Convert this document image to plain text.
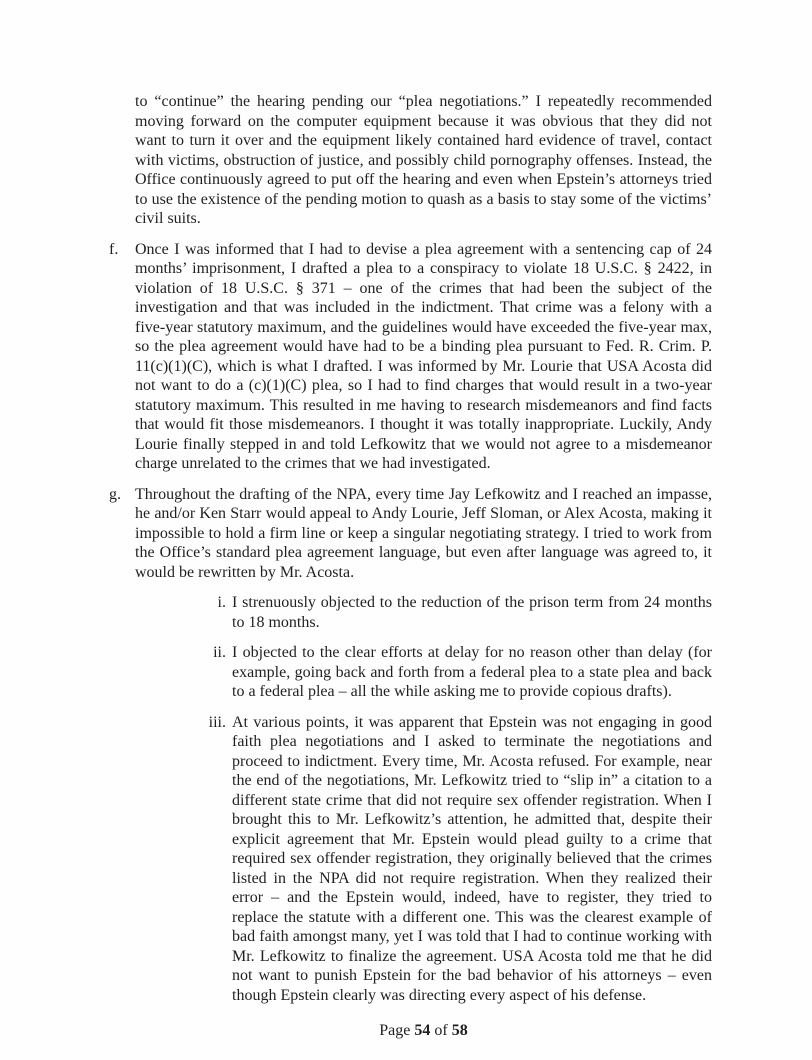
to “continue” the hearing pending our “plea negotiations.” I repeatedly recommended moving forward on the computer equipment because it was obvious that they did not want to turn it over and the equipment likely contained hard evidence of travel, contact with victims, obstruction of justice, and possibly child pornography offenses. Instead, the Office continuously agreed to put off the hearing and even when Epstein’s attorneys tried to use the existence of the pending motion to quash as a basis to stay some of the victims’ civil suits.

f. Once I was informed that I had to devise a plea agreement with a sentencing cap of 24 months’ imprisonment, I drafted a plea to a conspiracy to violate 18 U.S.C. § 2422, in violation of 18 U.S.C. § 371 – one of the crimes that had been the subject of the investigation and that was included in the indictment. That crime was a felony with a five-year statutory maximum, and the guidelines would have exceeded the five-year max, so the plea agreement would have had to be a binding plea pursuant to Fed. R. Crim. P. 11(c)(1)(C), which is what I drafted. I was informed by Mr. Lourie that USA Acosta did not want to do a (c)(1)(C) plea, so I had to find charges that would result in a two-year statutory maximum. This resulted in me having to research misdemeanors and find facts that would fit those misdemeanors. I thought it was totally inappropriate. Luckily, Andy Lourie finally stepped in and told Lefkowitz that we would not agree to a misdemeanor charge unrelated to the crimes that we had investigated.
g. Throughout the drafting of the NPA, every time Jay Lefkowitz and I reached an impasse, he and/or Ken Starr would appeal to Andy Lourie, Jeff Sloman, or Alex Acosta, making it impossible to hold a firm line or keep a singular negotiating strategy. I tried to work from the Office’s standard plea agreement language, but even after language was agreed to, it would be rewritten by Mr. Acosta.
i. I strenuously objected to the reduction of the prison term from 24 months to 18 months.
ii. I objected to the clear efforts at delay for no reason other than delay (for example, going back and forth from a federal plea to a state plea and back to a federal plea – all the while asking me to provide copious drafts).
iii. At various points, it was apparent that Epstein was not engaging in good faith plea negotiations and I asked to terminate the negotiations and proceed to indictment. Every time, Mr. Acosta refused. For example, near the end of the negotiations, Mr. Lefkowitz tried to “slip in” a citation to a different state crime that did not require sex offender registration. When I brought this to Mr. Lefkowitz’s attention, he admitted that, despite their explicit agreement that Mr. Epstein would plead guilty to a crime that required sex offender registration, they originally believed that the crimes listed in the NPA did not require registration. When they realized their error – and the Epstein would, indeed, have to register, they tried to replace the statute with a different one. This was the clearest example of bad faith amongst many, yet I was told that I had to continue working with Mr. Lefkowitz to finalize the agreement. USA Acosta told me that he did not want to punish Epstein for the bad behavior of his attorneys – even though Epstein clearly was directing every aspect of his defense.
Page 54 of 58
